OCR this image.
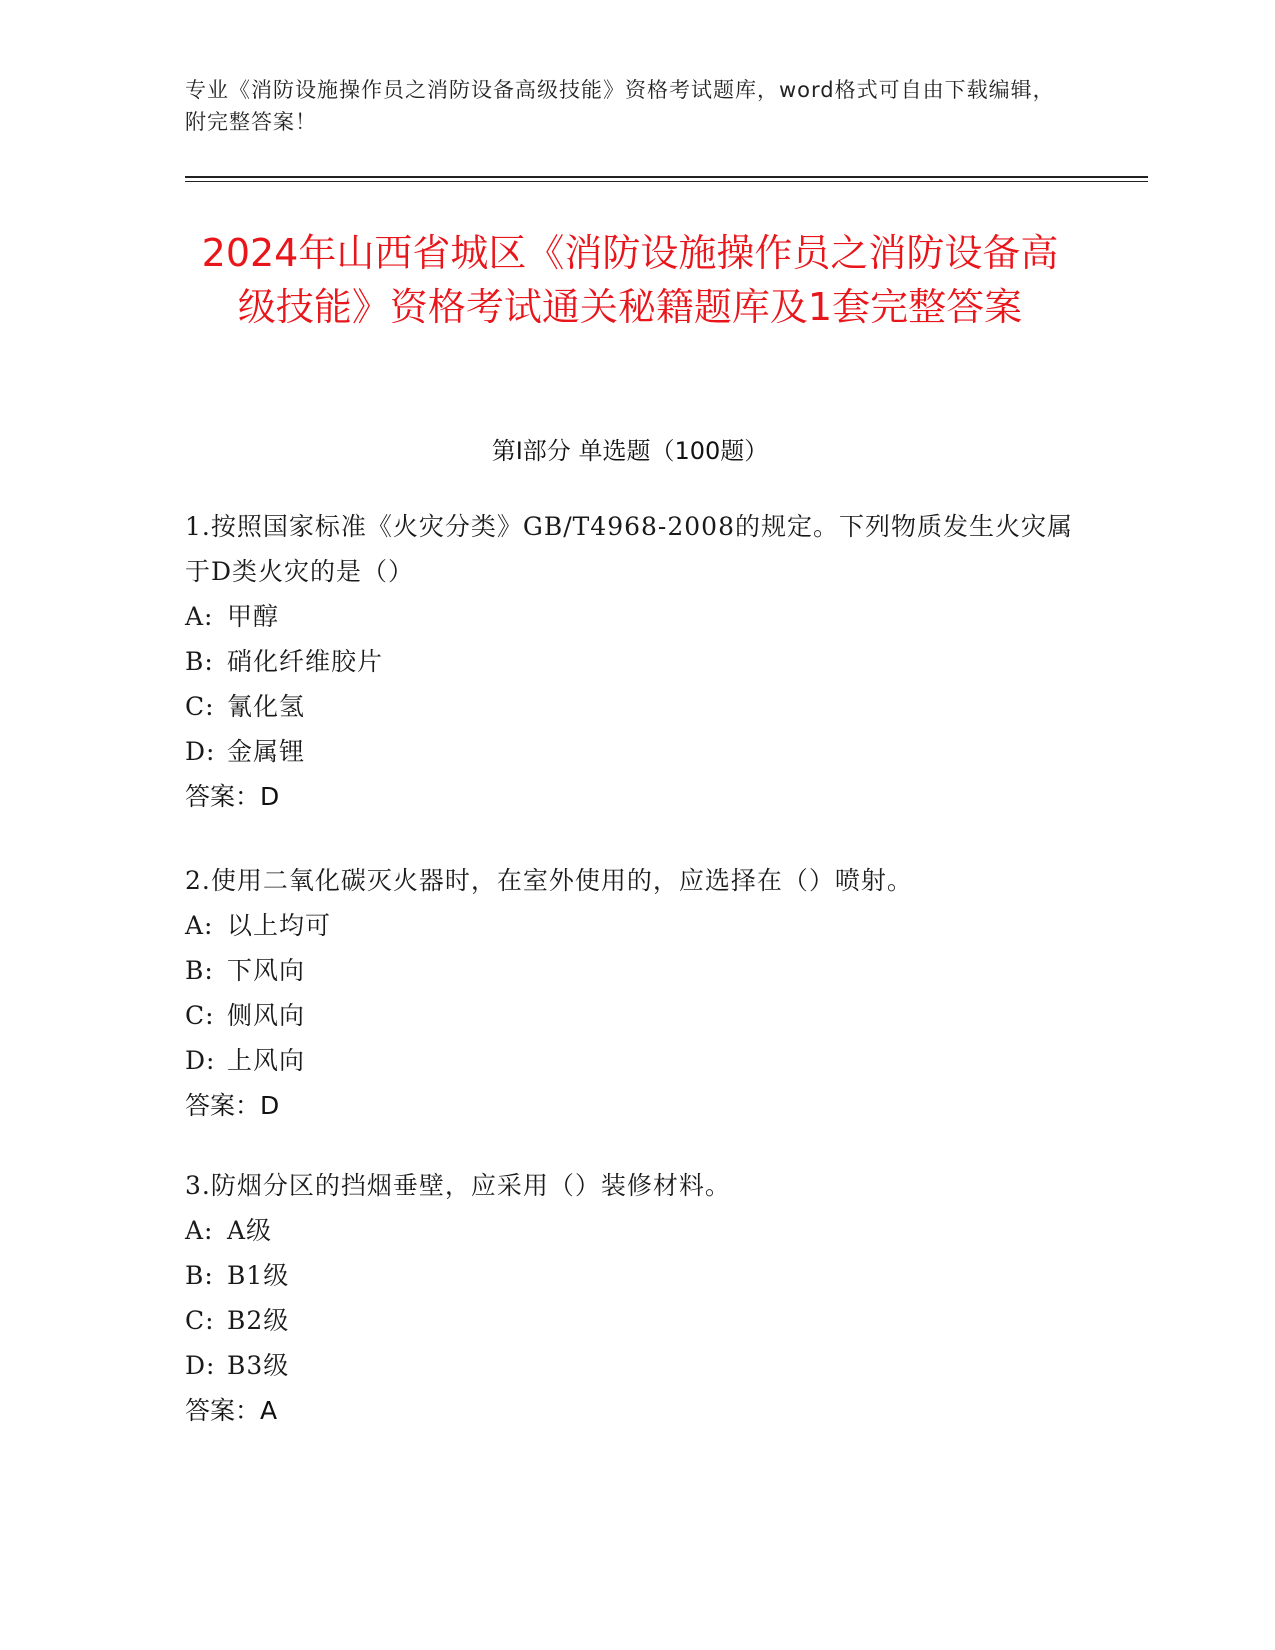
专业《消防设施操作员之消防设备高级技能》资格考试题库，word格式可自由下载编辑，附完整答案！
2024年山西省城区《消防设施操作员之消防设备高级技能》资格考试通关秘籍题库及1套完整答案
第I部分 单选题（100题）

1.按照国家标准《火灾分类》GB/T4968-2008的规定。下列物质发生火灾属于D类火灾的是（）

A: 甲醇
B: 硝化纤维胶片
C: 氰化氢
D: 金属锂
答案：D

2.使用二氧化碳灭火器时，在室外使用的，应选择在（）喷射。

A: 以上均可
B: 下风向
C: 侧风向
D: 上风向
答案：D

3.防烟分区的挡烟垂壁，应采用（）装修材料。

A: A级
B: B1级
C: B2级
D: B3级
答案：A
